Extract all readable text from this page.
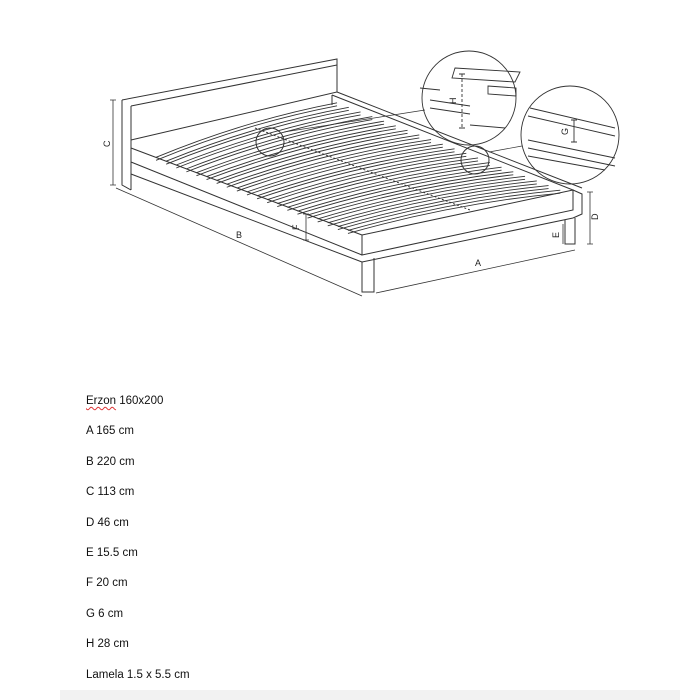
C
B
A
D
E
F
G
H
Erzon 160x200
A 165 cm
B 220 cm
C 113 cm
D 46 cm
E 15.5 cm
F 20 cm
G 6 cm
H 28 cm
Lamela 1.5 x 5.5 cm
